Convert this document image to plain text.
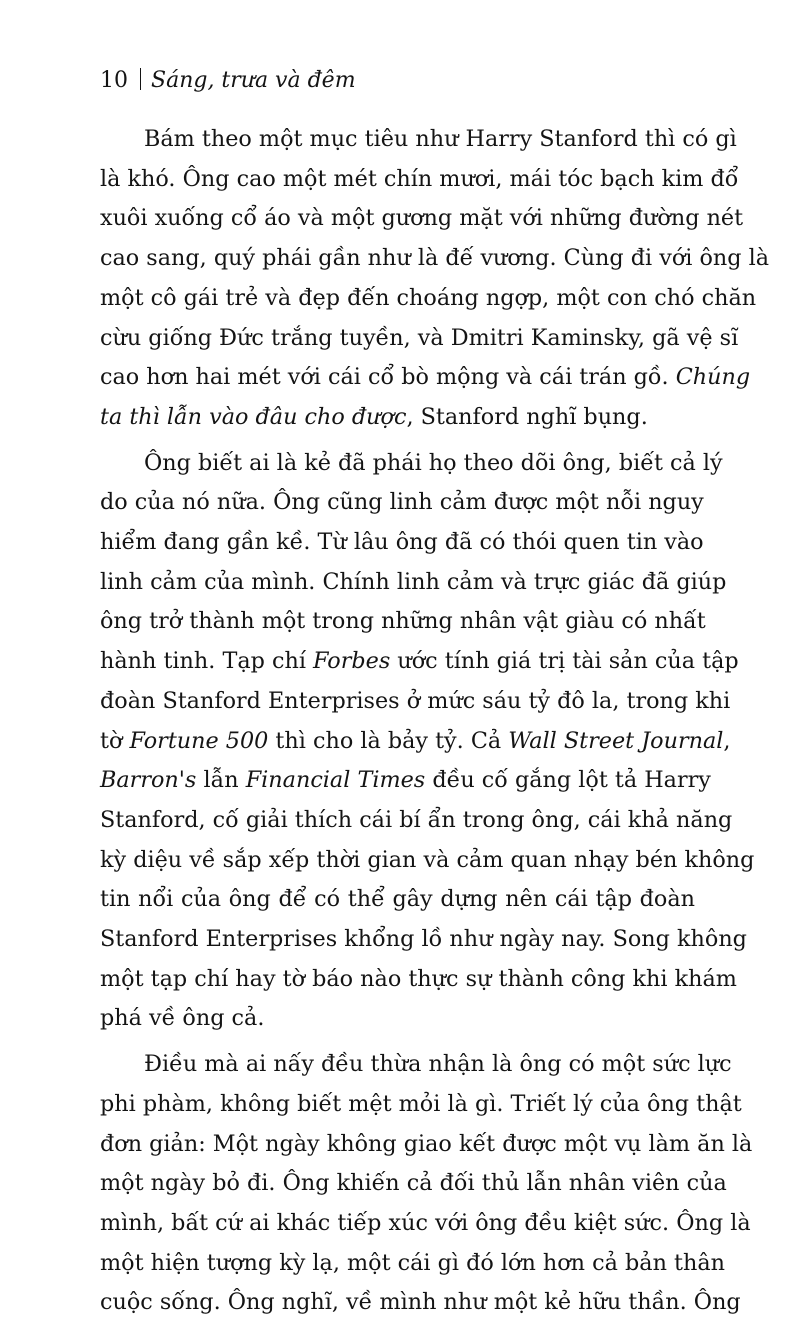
10 Sáng, trưa và đêm
Bám theo một mục tiêu như Harry Stanford thì có gì
là khó. Ông cao một mét chín mươi, mái tóc bạch kim đổ
xuôi xuống cổ áo và một gương mặt với những đường nét
cao sang, quý phái gần như là đế vương. Cùng đi với ông là
một cô gái trẻ và đẹp đến choáng ngợp, một con chó chăn
cừu giống Đức trắng tuyền, và Dmitri Kaminsky, gã vệ sĩ
cao hơn hai mét với cái cổ bò mộng và cái trán gồ. Chúng
ta thì lẫn vào đâu cho được, Stanford nghĩ bụng.
Ông biết ai là kẻ đã phái họ theo dõi ông, biết cả lý
do của nó nữa. Ông cũng linh cảm được một nỗi nguy
hiểm đang gần kề. Từ lâu ông đã có thói quen tin vào
linh cảm của mình. Chính linh cảm và trực giác đã giúp
ông trở thành một trong những nhân vật giàu có nhất
hành tinh. Tạp chí Forbes ước tính giá trị tài sản của tập
đoàn Stanford Enterprises ở mức sáu tỷ đô la, trong khi
tờ Fortune 500 thì cho là bảy tỷ. Cả Wall Street Journal,
Barron's lẫn Financial Times đều cố gắng lột tả Harry
Stanford, cố giải thích cái bí ẩn trong ông, cái khả năng
kỳ diệu về sắp xếp thời gian và cảm quan nhạy bén không
tin nổi của ông để có thể gây dựng nên cái tập đoàn
Stanford Enterprises khổng lồ như ngày nay. Song không
một tạp chí hay tờ báo nào thực sự thành công khi khám
phá về ông cả.
Điều mà ai nấy đều thừa nhận là ông có một sức lực
phi phàm, không biết mệt mỏi là gì. Triết lý của ông thật
đơn giản: Một ngày không giao kết được một vụ làm ăn là
một ngày bỏ đi. Ông khiến cả đối thủ lẫn nhân viên của
mình, bất cứ ai khác tiếp xúc với ông đều kiệt sức. Ông là
một hiện tượng kỳ lạ, một cái gì đó lớn hơn cả bản thân
cuộc sống. Ông nghĩ, về mình như một kẻ hữu thần. Ông
